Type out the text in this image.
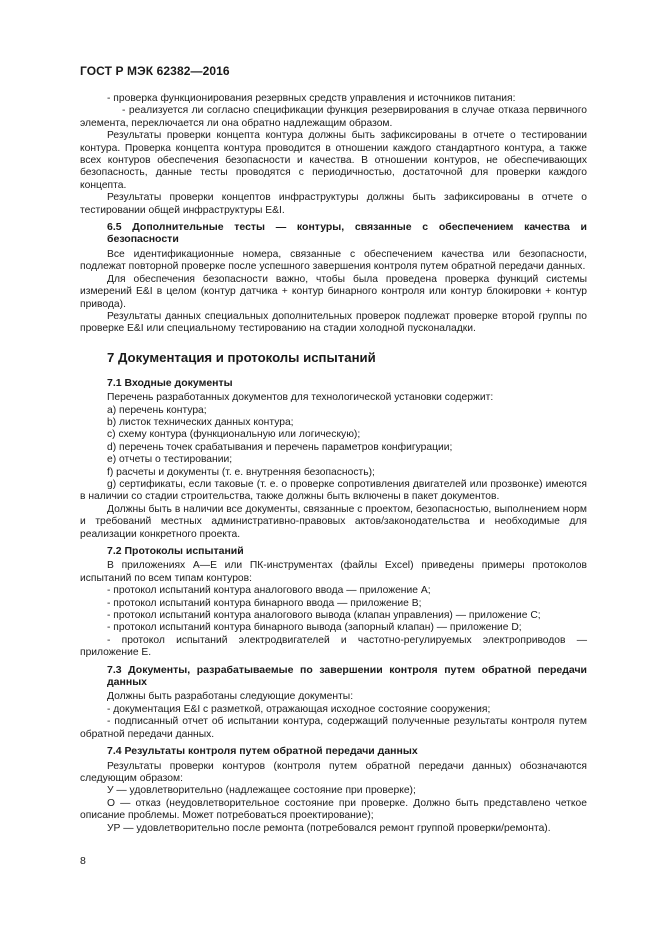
ГОСТ Р МЭК 62382—2016
- проверка функционирования резервных средств управления и источников питания:
- реализуется ли согласно спецификации функция резервирования в случае отказа первичного элемента, переключается ли она обратно надлежащим образом.
Результаты проверки концепта контура должны быть зафиксированы в отчете о тестировании контура. Проверка концепта контура проводится в отношении каждого стандартного контура, а также всех контуров обеспечения безопасности и качества. В отношении контуров, не обеспечивающих безопасность, данные тесты проводятся с периодичностью, достаточной для проверки каждого концепта.
Результаты проверки концептов инфраструктуры должны быть зафиксированы в отчете о тестировании общей инфраструктуры E&I.
6.5 Дополнительные тесты — контуры, связанные с обеспечением качества и безопасности
Все идентификационные номера, связанные с обеспечением качества или безопасности, подлежат повторной проверке после успешного завершения контроля путем обратной передачи данных.
Для обеспечения безопасности важно, чтобы была проведена проверка функций системы измерений E&I в целом (контур датчика + контур бинарного контроля или контур блокировки + контур привода).
Результаты данных специальных дополнительных проверок подлежат проверке второй группы по проверке E&I или специальному тестированию на стадии холодной пусконаладки.
7 Документация и протоколы испытаний
7.1 Входные документы
Перечень разработанных документов для технологической установки содержит:
a) перечень контура;
b) листок технических данных контура;
c) схему контура (функциональную или логическую);
d) перечень точек срабатывания и перечень параметров конфигурации;
e) отчеты о тестировании;
f) расчеты и документы (т. е. внутренняя безопасность);
g) сертификаты, если таковые (т. е. о проверке сопротивления двигателей или прозвонке) имеются в наличии со стадии строительства, также должны быть включены в пакет документов.
Должны быть в наличии все документы, связанные с проектом, безопасностью, выполнением норм и требований местных административно-правовых актов/законодательства и необходимые для реализации конкретного проекта.
7.2 Протоколы испытаний
В приложениях A—E или ПК-инструментах (файлы Excel) приведены примеры протоколов испытаний по всем типам контуров:
- протокол испытаний контура аналогового ввода — приложение A;
- протокол испытаний контура бинарного ввода — приложение B;
- протокол испытаний контура аналогового вывода (клапан управления) — приложение C;
- протокол испытаний контура бинарного вывода (запорный клапан) — приложение D;
- протокол испытаний электродвигателей и частотно-регулируемых электроприводов — приложение E.
7.3 Документы, разрабатываемые по завершении контроля путем обратной передачи данных
Должны быть разработаны следующие документы:
- документация E&I с разметкой, отражающая исходное состояние сооружения;
- подписанный отчет об испытании контура, содержащий полученные результаты контроля путем обратной передачи данных.
7.4 Результаты контроля путем обратной передачи данных
Результаты проверки контуров (контроля путем обратной передачи данных) обозначаются следующим образом:
У — удовлетворительно (надлежащее состояние при проверке);
О — отказ (неудовлетворительное состояние при проверке. Должно быть представлено четкое описание проблемы. Может потребоваться проектирование);
УР — удовлетворительно после ремонта (потребовался ремонт группой проверки/ремонта).
8
